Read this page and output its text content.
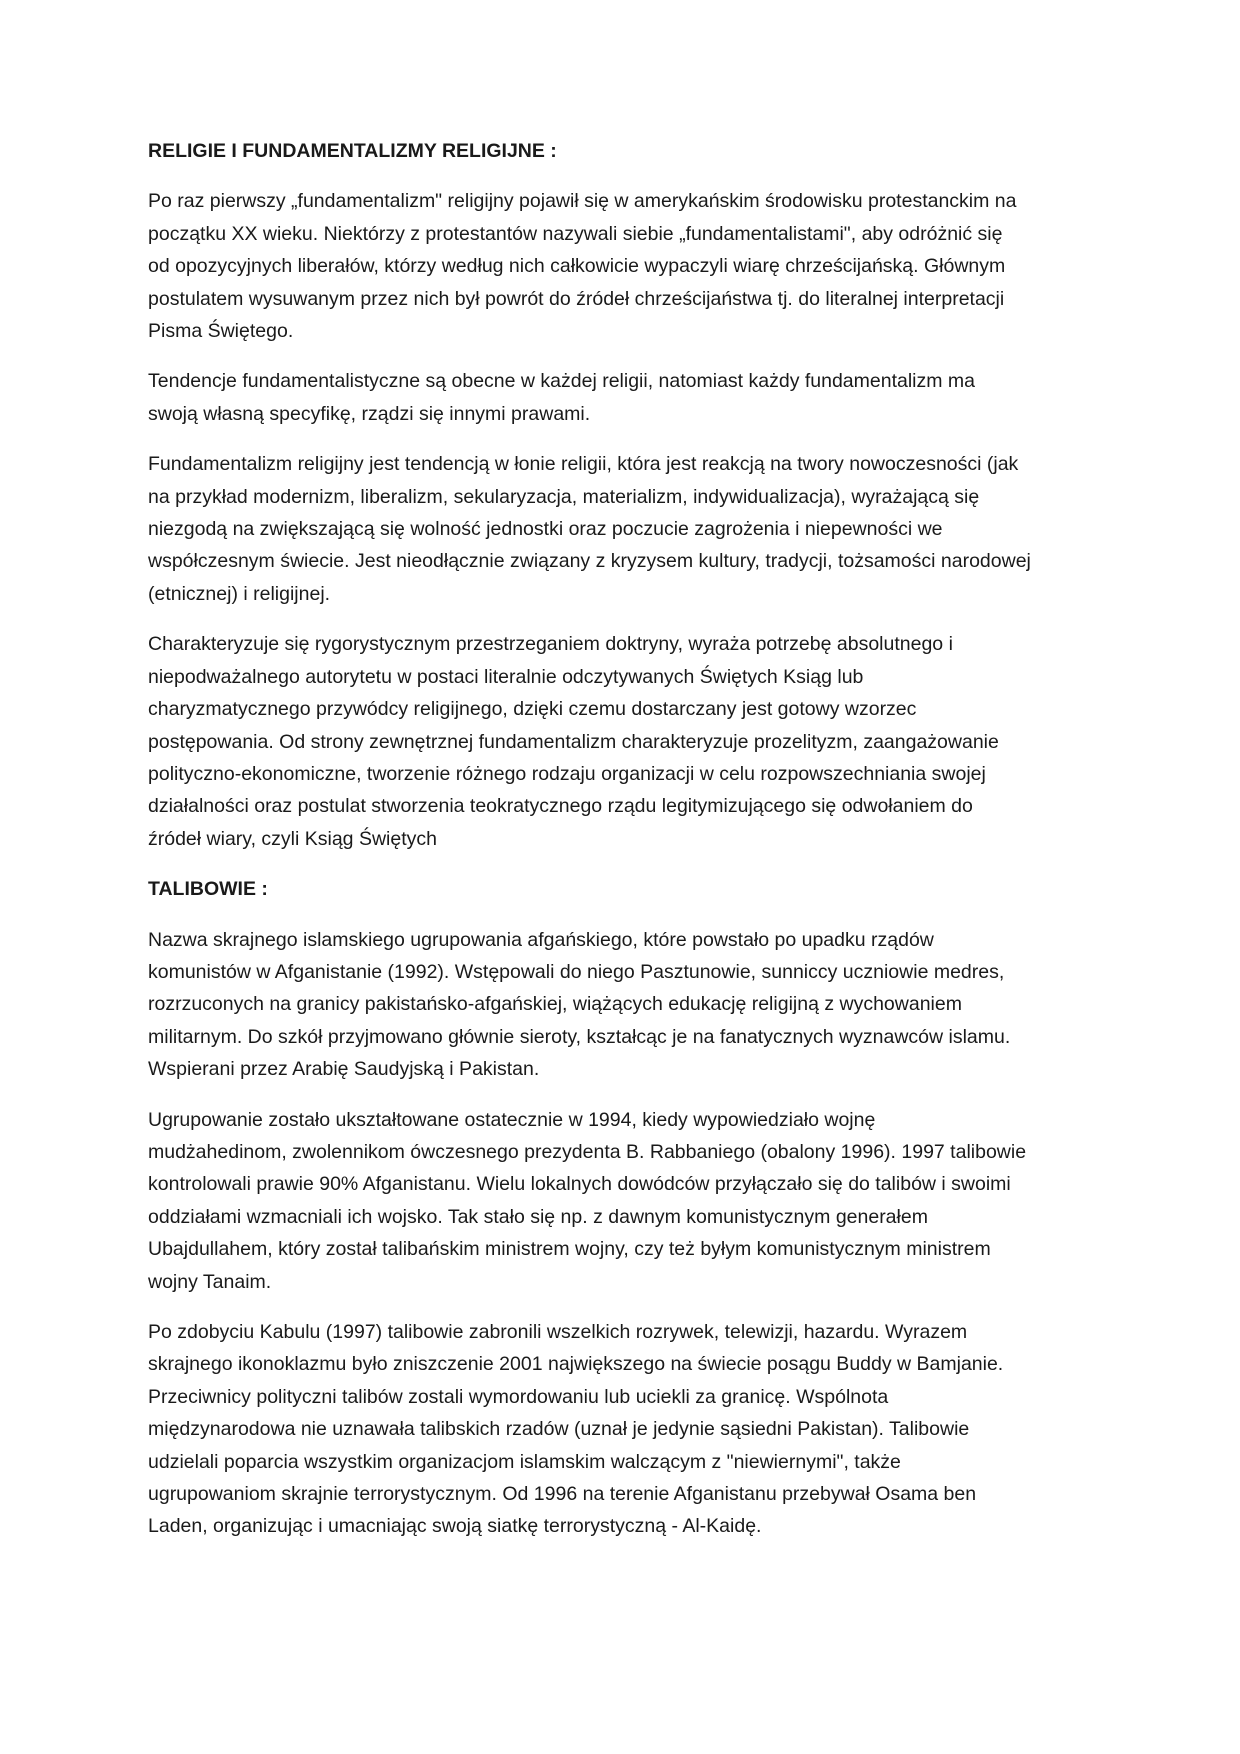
RELIGIE I FUNDAMENTALIZMY RELIGIJNE :
Po raz pierwszy „fundamentalizm" religijny pojawił się w amerykańskim środowisku protestanckim na
początku XX wieku. Niektórzy z protestantów nazywali siebie „fundamentalistami", aby odróżnić się
od opozycyjnych liberałów, którzy według nich całkowicie wypaczyli wiarę chrześcijańską. Głównym
postulatem wysuwanym przez nich był powrót do źródeł chrześcijaństwa tj. do literalnej interpretacji
Pisma Świętego.
Tendencje fundamentalistyczne są obecne w każdej religii, natomiast każdy fundamentalizm ma
swoją własną specyfikę, rządzi się innymi prawami.
Fundamentalizm religijny jest tendencją w łonie religii, która jest reakcją na twory nowoczesności (jak
na przykład modernizm, liberalizm, sekularyzacja, materializm, indywidualizacja), wyrażającą się
niezgodą na zwiększającą się wolność jednostki oraz poczucie zagrożenia i niepewności we
współczesnym świecie. Jest nieodłącznie związany z kryzysem kultury, tradycji, tożsamości narodowej
(etnicznej) i religijnej.
Charakteryzuje się rygorystycznym przestrzeganiem doktryny, wyraża potrzebę absolutnego i
niepodważalnego autorytetu w postaci literalnie odczytywanych Świętych Ksiąg lub
charyzmatycznego przywódcy religijnego, dzięki czemu dostarczany jest gotowy wzorzec
postępowania. Od strony zewnętrznej fundamentalizm charakteryzuje prozelityzm, zaangażowanie
polityczno-ekonomiczne, tworzenie różnego rodzaju organizacji w celu rozpowszechniania swojej
działalności oraz postulat stworzenia teokratycznego rządu legitymizującego się odwołaniem do
źródeł wiary, czyli Ksiąg Świętych
TALIBOWIE :
Nazwa skrajnego islamskiego ugrupowania afgańskiego, które powstało po upadku rządów
komunistów w Afganistanie (1992). Wstępowali do niego Pasztunowie, sunniccy uczniowie medres,
rozrzuconych na granicy pakistańsko-afgańskiej, wiążących edukację religijną z wychowaniem
militarnym. Do szkół przyjmowano głównie sieroty, kształcąc je na fanatycznych wyznawców islamu.
Wspierani przez Arabię Saudyjską i Pakistan.
Ugrupowanie zostało ukształtowane ostatecznie w 1994, kiedy wypowiedziało wojnę
mudżahedinom, zwolennikom ówczesnego prezydenta B. Rabbaniego (obalony 1996). 1997 talibowie
kontrolowali prawie 90% Afganistanu. Wielu lokalnych dowódców przyłączało się do talibów i swoimi
oddziałami wzmacniali ich wojsko. Tak stało się np. z dawnym komunistycznym generałem
Ubajdullahem, który został talibańskim ministrem wojny, czy też byłym komunistycznym ministrem
wojny Tanaim.
Po zdobyciu Kabulu (1997) talibowie zabronili wszelkich rozrywek, telewizji, hazardu. Wyrazem
skrajnego ikonoklazmu było zniszczenie 2001 największego na świecie posągu Buddy w Bamjanie.
Przeciwnicy polityczni talibów zostali wymordowaniu lub uciekli za granicę. Wspólnota
międzynarodowa nie uznawała talibskich rzadów (uznał je jedynie sąsiedni Pakistan). Talibowie
udzielali poparcia wszystkim organizacjom islamskim walczącym z "niewiernymi", także
ugrupowaniom skrajnie terrorystycznym. Od 1996 na terenie Afganistanu przebywał Osama ben
Laden, organizując i umacniając swoją siatkę terrorystyczną - Al-Kaidę.
